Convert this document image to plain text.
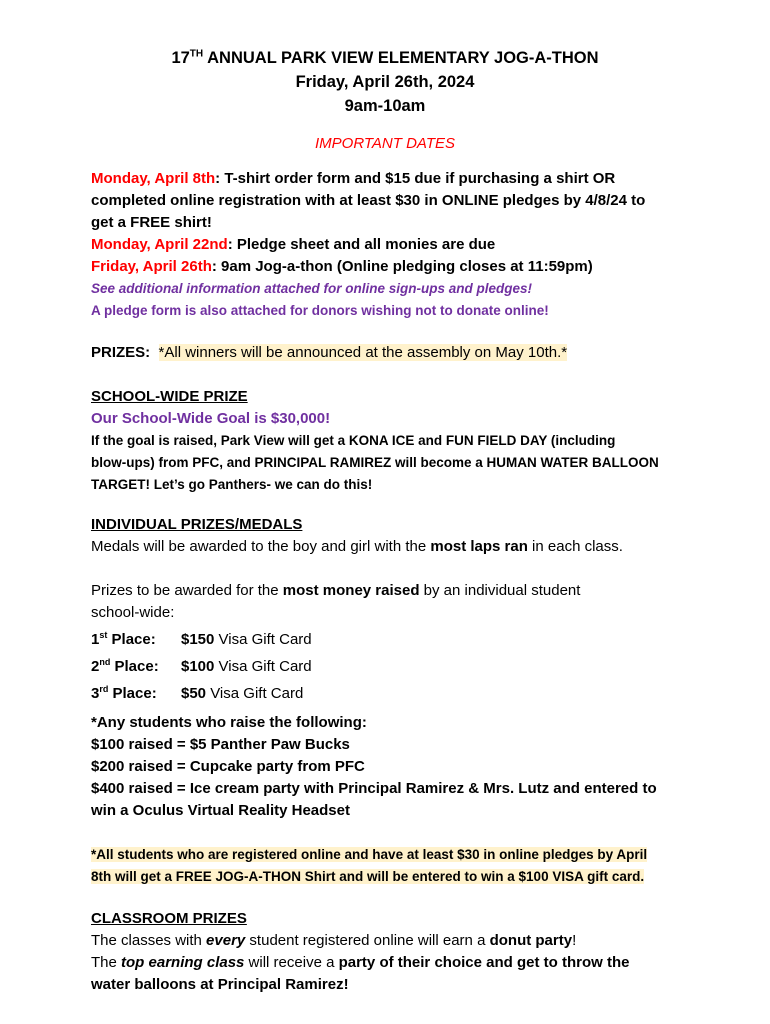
17TH ANNUAL PARK VIEW ELEMENTARY JOG-A-THON
Friday, April 26th, 2024
9am-10am
IMPORTANT DATES
Monday, April 8th: T-shirt order form and $15 due if purchasing a shirt OR
completed online registration with at least $30 in ONLINE pledges by 4/8/24 to
get a FREE shirt!
Monday, April 22nd: Pledge sheet and all monies are due
Friday, April 26th: 9am Jog-a-thon (Online pledging closes at 11:59pm)
See additional information attached for online sign-ups and pledges!
A pledge form is also attached for donors wishing not to donate online!
PRIZES: *All winners will be announced at the assembly on May 10th.*
SCHOOL-WIDE PRIZE
Our School-Wide Goal is $30,000!
If the goal is raised, Park View will get a KONA ICE and FUN FIELD DAY (including
blow-ups) from PFC, and PRINCIPAL RAMIREZ will become a HUMAN WATER BALLOON
TARGET! Let’s go Panthers- we can do this!
INDIVIDUAL PRIZES/MEDALS
Medals will be awarded to the boy and girl with the most laps ran in each class.
Prizes to be awarded for the most money raised by an individual student
school-wide:
1st Place: $150 Visa Gift Card
2nd Place: $100 Visa Gift Card
3rd Place: $50 Visa Gift Card
*Any students who raise the following:
$100 raised = $5 Panther Paw Bucks
$200 raised = Cupcake party from PFC
$400 raised = Ice cream party with Principal Ramirez & Mrs. Lutz and entered to
win a Oculus Virtual Reality Headset
*All students who are registered online and have at least $30 in online pledges by April
8th will get a FREE JOG-A-THON Shirt and will be entered to win a $100 VISA gift card.
CLASSROOM PRIZES
The classes with every student registered online will earn a donut party!
The top earning class will receive a party of their choice and get to throw the
water balloons at Principal Ramirez!
